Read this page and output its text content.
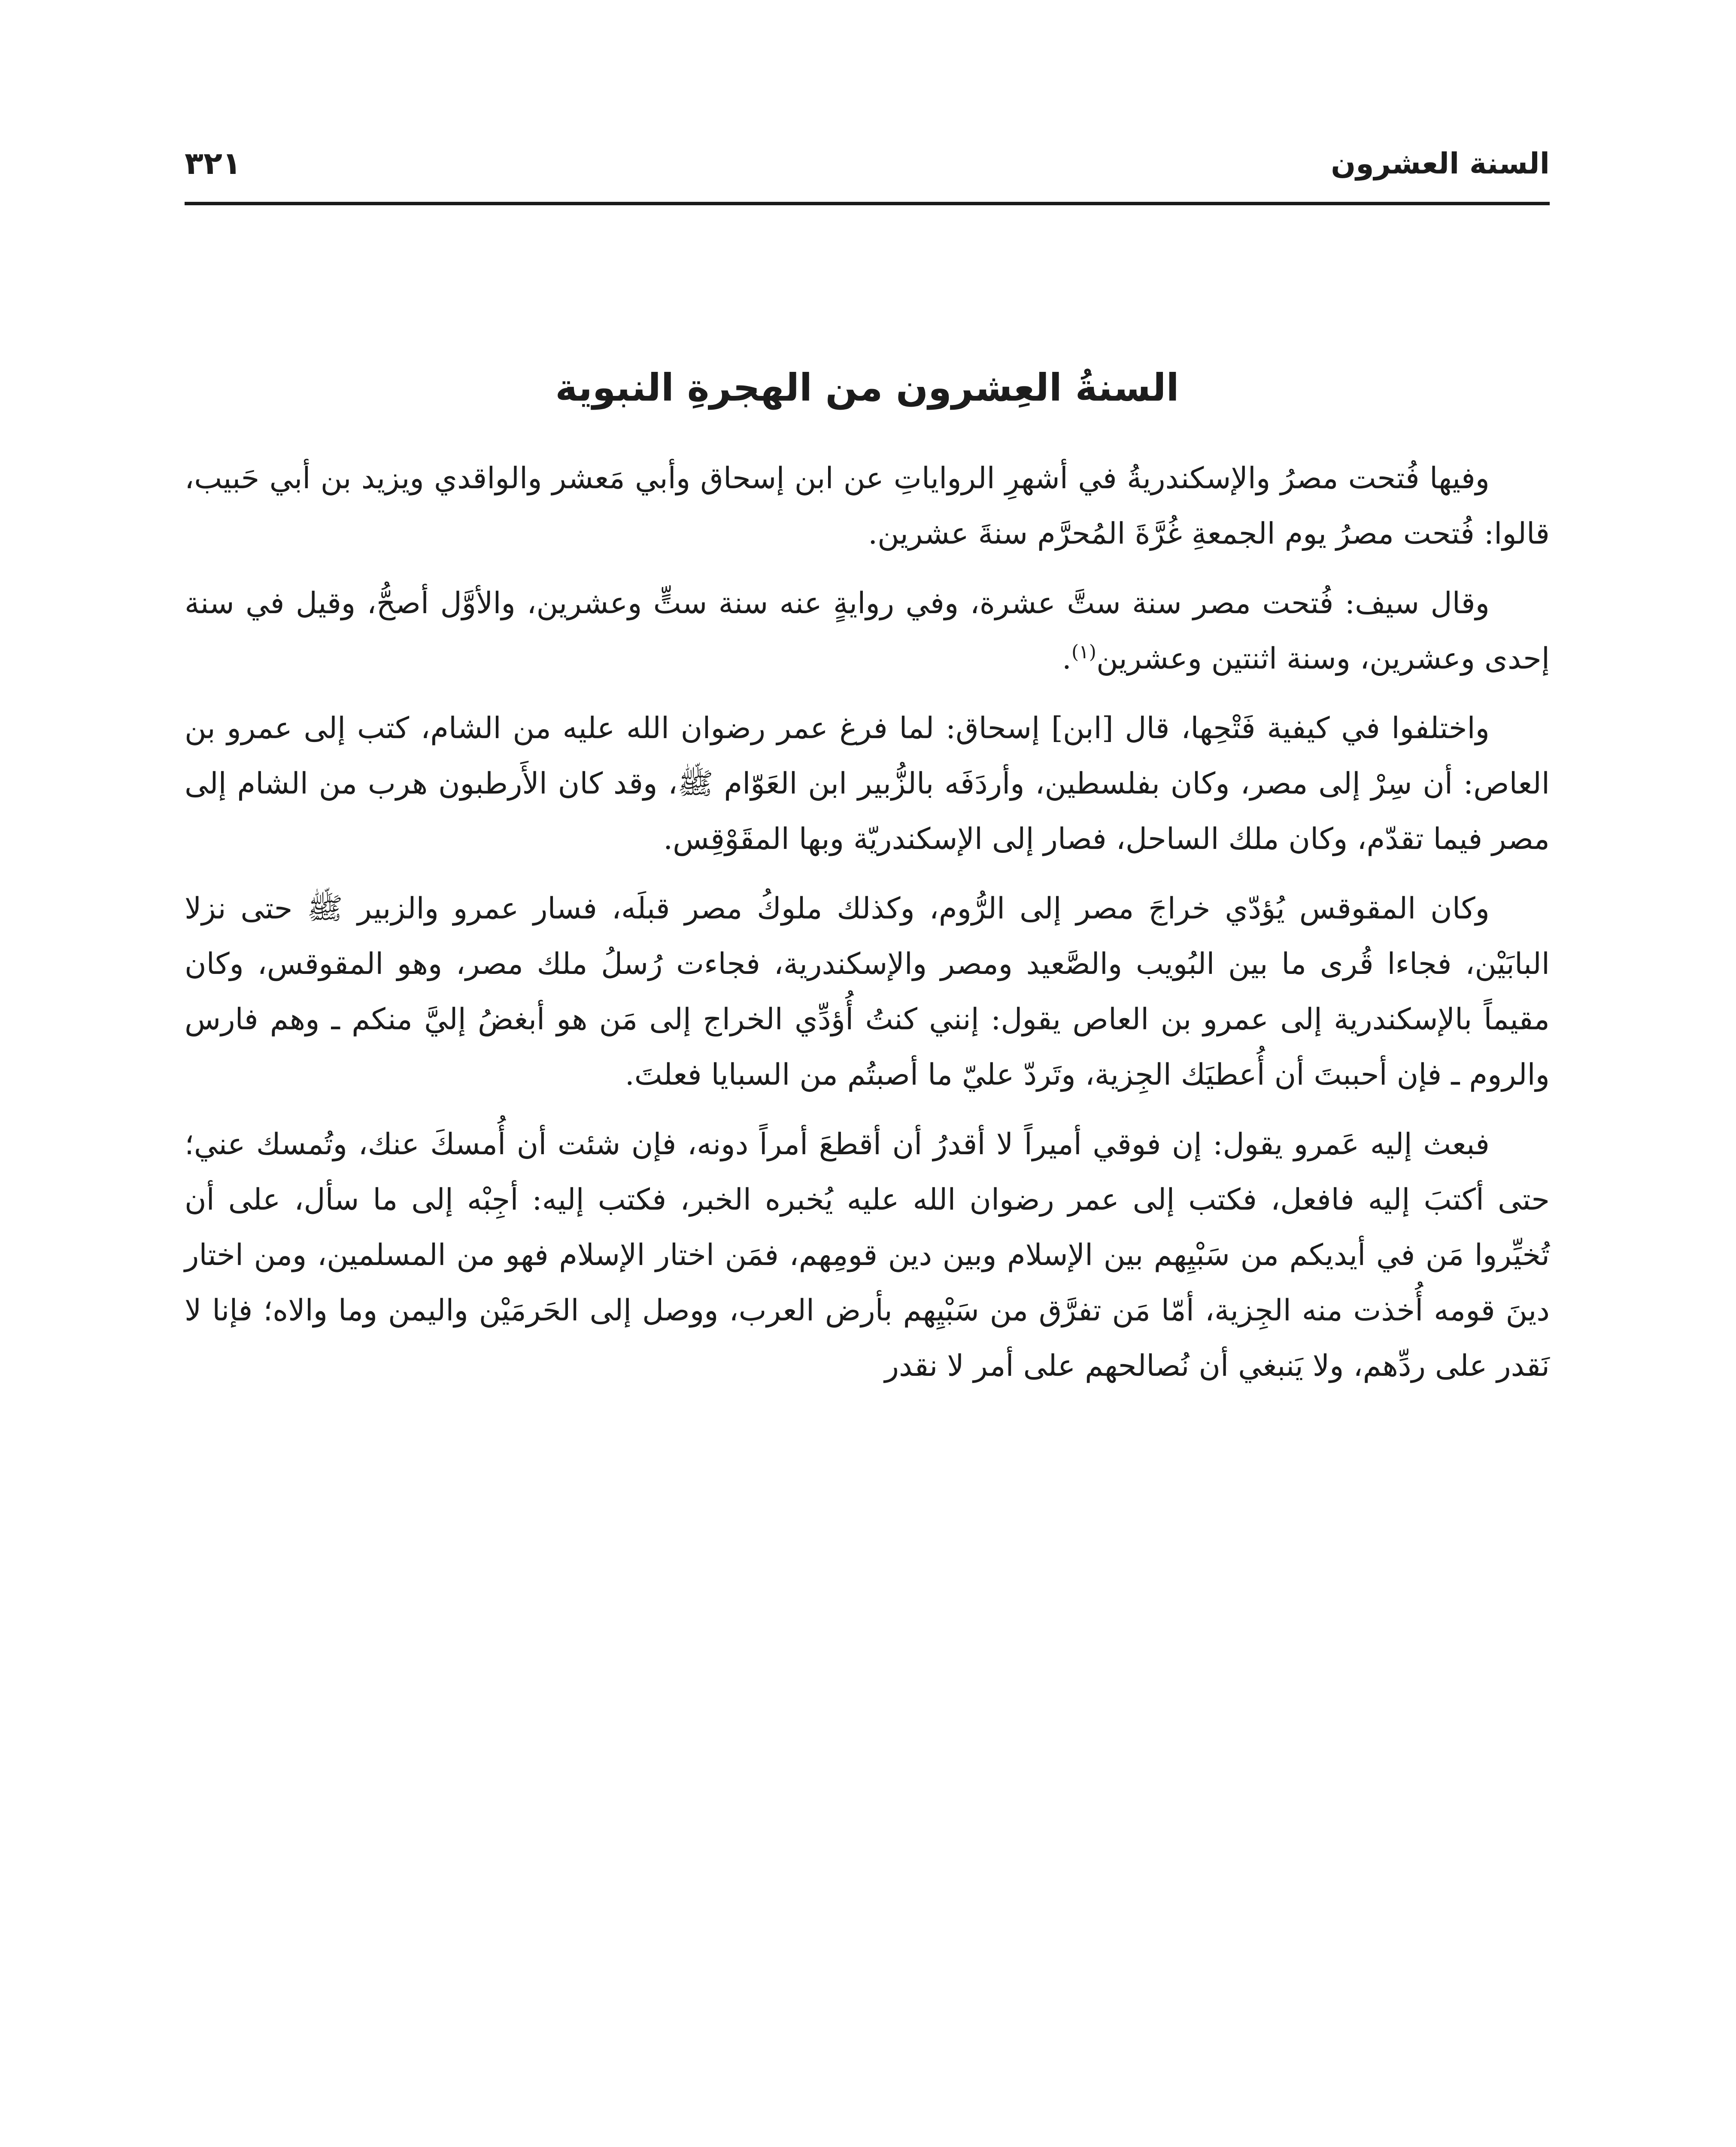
السنة العشرون
٣٢١
السنةُ العِشرون من الهجرةِ النبوية

وفيها فُتحت مصرُ والإسكندريةُ في أشهرِ الرواياتِ عن ابن إسحاق وأبي مَعشر والواقدي ويزيد بن أبي حَبيب، قالوا: فُتحت مصرُ يوم الجمعةِ غُرَّةَ المُحرَّم سنةَ عشرين.

وقال سيف: فُتحت مصر سنة ستَّ عشرة، وفي روايةٍ عنه سنة ستٍّ وعشرين، والأوَّل أصحُّ، وقيل في سنة إحدى وعشرين، وسنة اثنتين وعشرين$^{(١)}$.

واختلفوا في كيفية فَتْحِها، قال [ابن] إسحاق: لما فرغ عمر رضوان الله عليه من الشام، كتب إلى عمرو بن العاص: أن سِرْ إلى مصر، وكان بفلسطين، وأردَفَه بالزُّبير ابن العَوّام ﷺ، وقد كان الأَرطبون هرب من الشام إلى مصر فيما تقدّم، وكان ملك الساحل، فصار إلى الإسكندريّة وبها المقَوْقِس.

وكان المقوقس يُؤدّي خراجَ مصر إلى الرُّوم، وكذلك ملوكُ مصر قبلَه، فسار عمرو والزبير ﷺ حتى نزلا البابَيْن، فجاءا قُرى ما بين البُويب والصَّعيد ومصر والإسكندرية، فجاءت رُسلُ ملك مصر، وهو المقوقس، وكان مقيماً بالإسكندرية إلى عمرو بن العاص يقول: إنني كنتُ أُؤدِّي الخراج إلى مَن هو أبغضُ إليَّ منكم ـ وهم فارس والروم ـ فإن أحببتَ أن أُعطيَك الجِزية، وتَردّ عليّ ما أصبتُم من السبايا فعلتَ.

فبعث إليه عَمرو يقول: إن فوقي أميراً لا أقدرُ أن أقطعَ أمراً دونه، فإن شئت أن أُمسكَ عنك، وتُمسك عني؛ حتى أكتبَ إليه فافعل، فكتب إلى عمر رضوان الله عليه يُخبره الخبر، فكتب إليه: أجِبْه إلى ما سأل، على أن تُخيِّروا مَن في أيديكم من سَبْيِهم بين الإسلام وبين دين قومِهم، فمَن اختار الإسلام فهو من المسلمين، ومن اختار دينَ قومه أُخذت منه الجِزية، أمّا مَن تفرَّق من سَبْيِهم بأرض العرب، ووصل إلى الحَرمَيْن واليمن وما والاه؛ فإنا لا نَقدر على ردِّهم، ولا يَنبغي أن نُصالحهم على أمر لا نقدر
